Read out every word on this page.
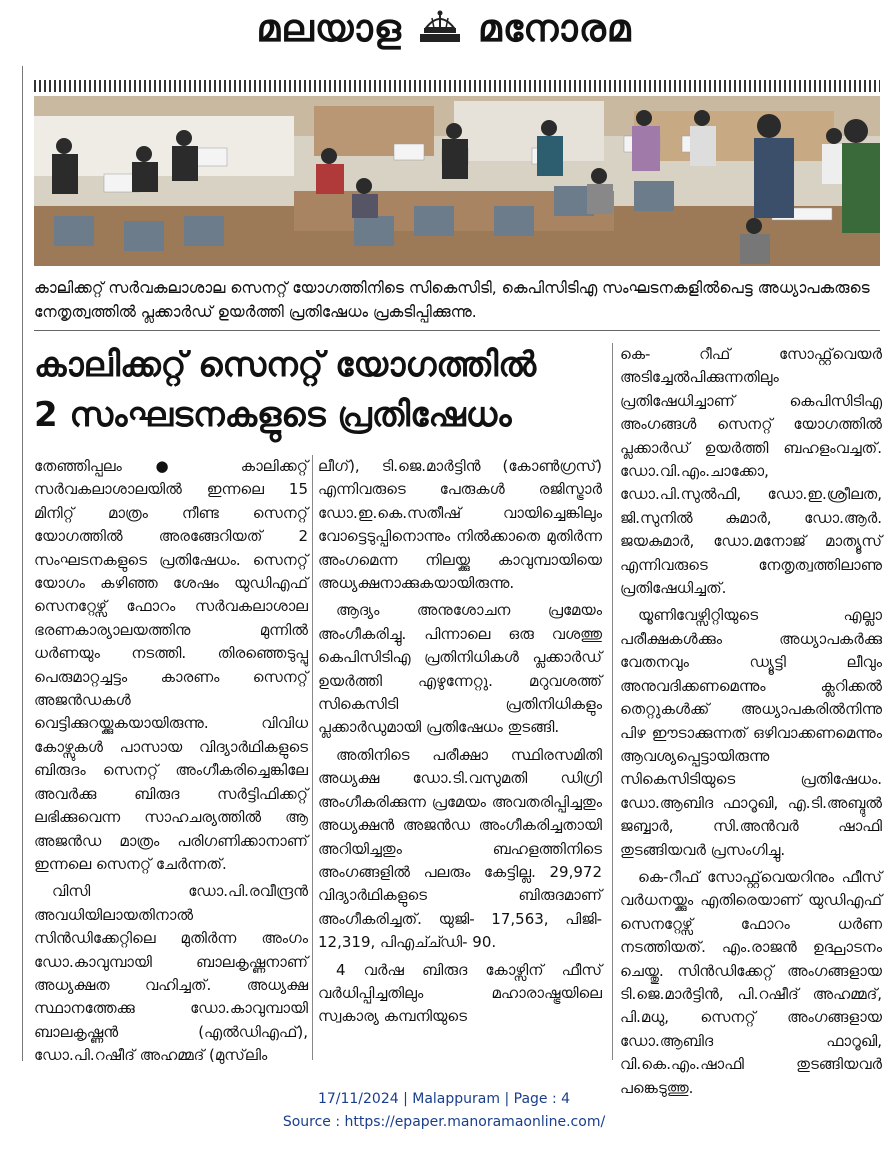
മലയാള മനോരമ
കാലിക്കറ്റ് സർവകലാശാല സെനറ്റ് യോഗത്തിനിടെ സികെസിടി, കെപിസിടിഎ സംഘടനകളിൽപെട്ട അധ്യാപകരുടെ നേതൃത്വത്തിൽ പ്ലക്കാർഡ് ഉയർത്തി പ്രതിഷേധം പ്രകടിപ്പിക്കുന്നു.
കാലിക്കറ്റ് സെനറ്റ് യോഗത്തിൽ
2 സംഘടനകളുടെ പ്രതിഷേധം

തേഞ്ഞിപ്പലം● കാലിക്കറ്റ് സർവകലാശാലയിൽ ഇന്നലെ 15 മിനിറ്റ് മാത്രം നീണ്ട സെനറ്റ് യോഗത്തിൽ അരങ്ങേറിയത് 2 സംഘടനകളുടെ പ്രതിഷേധം. സെനറ്റ് യോഗം കഴിഞ്ഞ ശേഷം യുഡിഎഫ് സെനറ്റേഴ്സ് ഫോറം സർവകലാശാല ഭരണകാര്യാലയത്തിനു മുന്നിൽ ധർണയും നടത്തി. തിരഞ്ഞെടുപ്പു പെരുമാറ്റച്ചട്ടം കാരണം സെനറ്റ് അജൻഡകൾ വെട്ടിക്കുറയ്ക്കുകയായിരുന്നു. വിവിധ കോഴ്സുകൾ പാസായ വിദ്യാർഥികളുടെ ബിരുദം സെനറ്റ് അംഗീകരിച്ചെങ്കിലേ അവർക്കു ബിരുദ സർട്ടിഫിക്കറ്റ് ലഭിക്കുവെന്ന സാഹചര്യത്തിൽ ആ അജൻഡ മാത്രം പരിഗണിക്കാനാണ് ഇന്നലെ സെനറ്റ് ചേർന്നത്.

വിസി ഡോ.പി.രവീന്ദ്രൻ അവധിയിലായതിനാൽ സിൻഡിക്കേറ്റിലെ മുതിർന്ന അംഗം ഡോ.കാവുമ്പായി ബാലകൃഷ്ണനാണ് അധ്യക്ഷത വഹിച്ചത്. അധ്യക്ഷ സ്ഥാനത്തേക്കു ഡോ.കാവുമ്പായി ബാലകൃഷ്ണൻ (എൽഡിഎഫ്), ഡോ.പി.റഷീദ് അഹമ്മദ് (മുസ്‌ലിം

ലീഗ്), ടി.ജെ.മാർട്ടിൻ (കോൺഗ്രസ്) എന്നിവരുടെ പേരുകൾ രജിസ്ട്രാർ ഡോ.ഇ.കെ.സതീഷ് വായിച്ചെങ്കിലും വോട്ടെടുപ്പിനൊന്നും നിൽക്കാതെ മുതിർന്ന അംഗമെന്ന നിലയ്ക്കു കാവുമ്പായിയെ അധ്യക്ഷനാക്കുകയായിരുന്നു.

ആദ്യം അനുശോചന പ്രമേയം അംഗീകരിച്ചു. പിന്നാലെ ഒരു വശത്തു കെപിസിടിഎ പ്രതിനിധികൾ പ്ലക്കാർഡ് ഉയർത്തി എഴുന്നേറ്റു. മറുവശത്ത് സികെസിടി പ്രതിനിധികളും പ്ലക്കാർഡുമായി പ്രതിഷേധം തുടങ്ങി.

അതിനിടെ പരീക്ഷാ സ്ഥിരസമിതി അധ്യക്ഷ ഡോ.ടി.വസുമതി ഡിഗ്രി അംഗീകരിക്കുന്ന പ്രമേയം അവതരിപ്പിച്ചതും അധ്യക്ഷൻ അജൻഡ അംഗീകരിച്ചതായി അറിയിച്ചതും ബഹളത്തിനിടെ അംഗങ്ങളിൽ പലരും കേട്ടില്ല. 29,972 വിദ്യാർഥികളുടെ ബിരുദമാണ് അംഗീകരിച്ചത്. യുജി- 17,563, പിജി- 12,319, പിഎച്ച്ഡി- 90.

4 വർഷ ബിരുദ കോഴ്സിന് ഫീസ് വർധിപ്പിച്ചതിലും മഹാരാഷ്ട്രയിലെ സ്വകാര്യ കമ്പനിയുടെ

കെ- റീഫ് സോഫ്റ്റ്‌വെയർ അടിച്ചേൽപിക്കുന്നതിലും പ്രതിഷേധിച്ചാണ് കെപിസിടിഎ അംഗങ്ങൾ സെനറ്റ് യോഗത്തിൽ പ്ലക്കാർഡ് ഉയർത്തി ബഹളംവച്ചത്. ഡോ.വി.എം.ചാക്കോ, ഡോ.പി.സുൽഫി, ഡോ.ഇ.ശ്രീലത, ജി.സുനിൽ കുമാർ, ഡോ.ആർ. ജയകുമാർ, ഡോ.മനോജ് മാത്യൂസ് എന്നിവരുടെ നേതൃത്വത്തിലാണു പ്രതിഷേധിച്ചത്.

യൂണിവേഴ്സിറ്റിയുടെ എല്ലാ പരീക്ഷകൾക്കും അധ്യാപകർക്കു വേതനവും ഡ്യൂട്ടി ലീവും അനുവദിക്കണമെന്നും ക്ലറിക്കൽ തെറ്റുകൾക്ക് അധ്യാപകരിൽനിന്നു പിഴ ഈടാക്കുന്നത് ഒഴിവാക്കണമെന്നും ആവശ്യപ്പെട്ടായിരുന്നു സികെസിടിയുടെ പ്രതിഷേധം. ഡോ.ആബിദ ഫാറൂഖി, എ.ടി.അബ്ദുൽ ജബ്ബാർ, സി.അൻവർ ഷാഫി തുടങ്ങിയവർ പ്രസംഗിച്ചു.

കെ-റീഫ് സോഫ്റ്റ്‌വെയറിനും ഫീസ് വർധനയ്ക്കും എതിരെയാണ് യുഡിഎഫ് സെനറ്റേഴ്സ് ഫോറം ധർണ നടത്തിയത്. എം.രാജൻ ഉദ്ഘാടനം ചെയ്തു. സിൻഡിക്കേറ്റ് അംഗങ്ങളായ ടി.ജെ.മാർട്ടിൻ, പി.റഷീദ് അഹമ്മദ്, പി.മധു, സെനറ്റ് അംഗങ്ങളായ ഡോ.ആബിദ ഫാറൂഖി, വി.കെ.എം.ഷാഫി തുടങ്ങിയവർ പങ്കെടുത്തു.

17/11/2024 | Malappuram | Page : 4
Source : https://epaper.manoramaonline.com/
